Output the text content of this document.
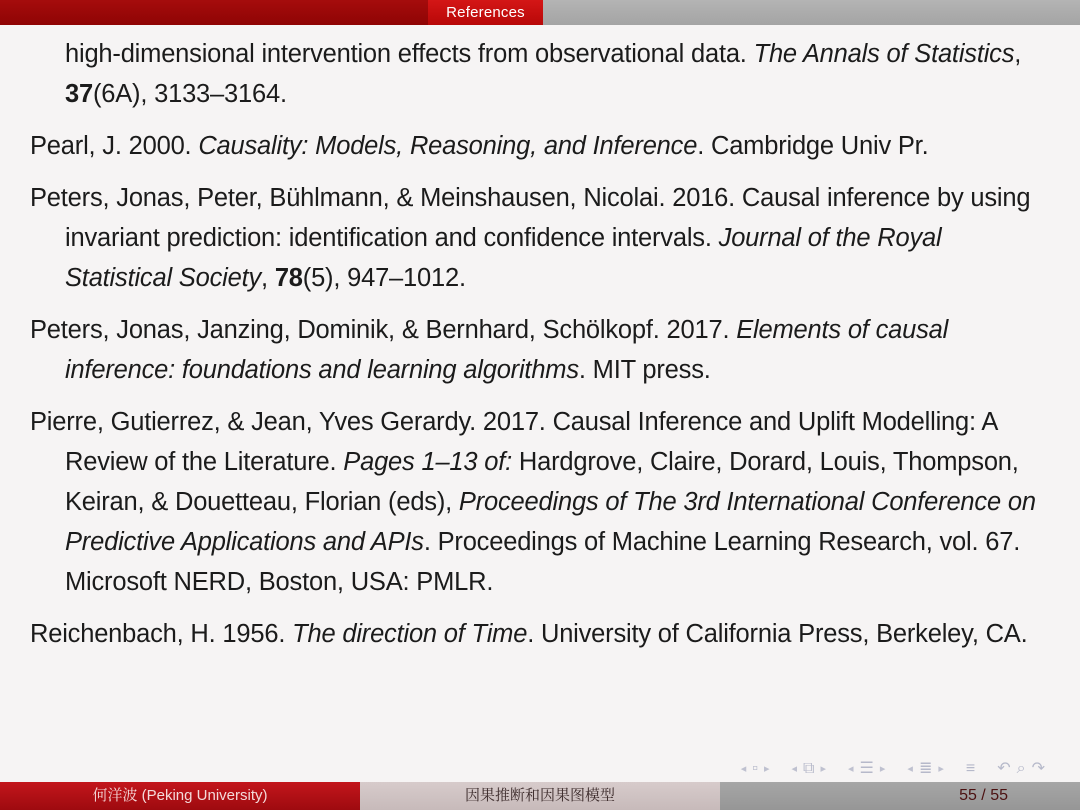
References

high-dimensional intervention effects from observational data. The Annals of Statistics, 37(6A), 3133–3164.

Pearl, J. 2000. Causality: Models, Reasoning, and Inference. Cambridge Univ Pr.

Peters, Jonas, Peter, Bühlmann, & Meinshausen, Nicolai. 2016. Causal inference by using invariant prediction: identification and confidence intervals. Journal of the Royal Statistical Society, 78(5), 947–1012.

Peters, Jonas, Janzing, Dominik, & Bernhard, Schölkopf. 2017. Elements of causal inference: foundations and learning algorithms. MIT press.

Pierre, Gutierrez, & Jean, Yves Gerardy. 2017. Causal Inference and Uplift Modelling: A Review of the Literature. Pages 1–13 of: Hardgrove, Claire, Dorard, Louis, Thompson, Keiran, & Douetteau, Florian (eds), Proceedings of The 3rd International Conference on Predictive Applications and APIs. Proceedings of Machine Learning Research, vol. 67. Microsoft NERD, Boston, USA: PMLR.

Reichenbach, H. 1956. The direction of Time. University of California Press, Berkeley, CA.

◂ ▫ ▸ ◂ ⧉ ▸ ◂ ☰ ▸ ◂ ≣ ▸ ≡ ↶ ⌕ ↷
何洋波 (Peking University)	因果推断和因果图模型	55 / 55
